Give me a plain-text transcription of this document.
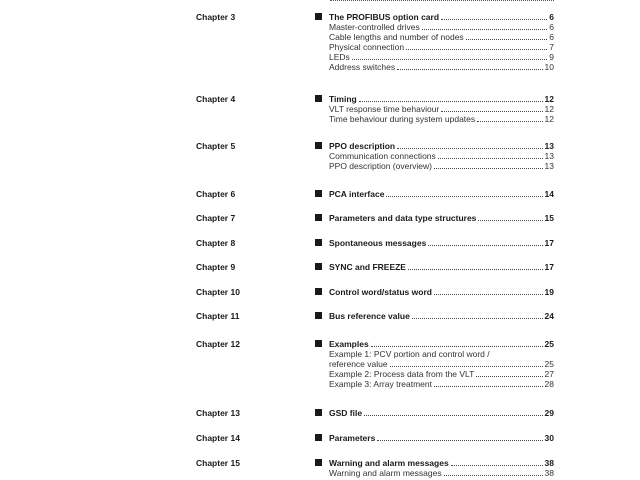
Chapter 3	The PROFIBUS option card	6
Master-controlled drives	6
Cable lengths and number of nodes	6
Physical connection	7
LEDs	9
Address switches	10
Chapter 4	Timing	12
VLT response time behaviour	12
Time behaviour during system updates	12
Chapter 5	PPO description	13
Communication connections	13
PPO description (overview)	13
Chapter 6	PCA interface	14
Chapter 7	Parameters and data type structures	15
Chapter 8	Spontaneous messages	17
Chapter 9	SYNC and FREEZE	17
Chapter 10	Control word/status word	19
Chapter 11	Bus reference value	24
Chapter 12	Examples	25
Example 1: PCV portion and control word /
reference value	25
Example 2: Process data from the VLT	27
Example 3: Array treatment	28
Chapter 13	GSD file	29
Chapter 14	Parameters	30
Chapter 15	Warning and alarm messages	38
Warning and alarm messages	38
